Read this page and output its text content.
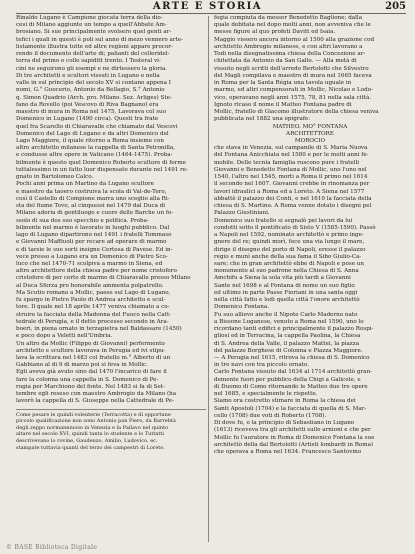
ARTE E STORIA	205

Rinaldo Lugano è Campione giocata terra della dio-

cesi di Milano aggiunte un tempo a quell'Abbate Am-

brosiano. Si sue principalmente svolsero quel genti ar-

tefici i quali in questi è poli sul anno di mezo vennero arte-

listamente illustra tutte ed altre regioni appare procor-

rendo il documento dell'arte di; palianti del colleridel-

terra del primo e collo sapiditt trento. I Testeral vi-

cini ne seguirono gli esempi e ne dirtessero la gloria.

Di tre architetti e scultori vissuti in Lugano e nella

valle in sul principio del secolo XV si contano appena I

nomi, G.° Guocerio, Antonio da Bellagio, S.° Antonio

q. Simon Quadrio (Arch. pro. Milano. Sez. Arliges) Ste-

fano da Rovello (poi Vescovo di Riva Bagnano) era

maestro di mura in Roma nel 1475, Lavorava col suo

Domenico in Lugano (1490 circa). Questi tra frate

quel fra Scarello di Chiaravalle che chiamato dal Vescovi

Domenico del Lago di Lugano e da altri Domenico del

Lago Maggiore, il quale ritorno a Roma insieme con

altro architetto milanese la cappella di Santa Petronilla,

e condusse altre opere in Vaticano (1464-1475). Proba-

bilmente è questo quel Domenico Roberto scultore di forme

tuttalessimo in un fatto luor dispensato durante nel 1491 re-

gnato in Bartolomeo Calco.

Pochi anni prima un Martino da Lugano scultore

e maestro da taoero costruiva la scola di Val-de-Tero,

così il Castello di Compione marra uno sceglio alla Ri-

sta del fiume Tovo, al cinquessi nel 1479 dal Duca di

Milano adoria di gentiluogo e cuore delle Barche un fo-

ssolo di sua dos suo specchio e politica. Proba-

bilmente nel marmo è lavorato in luoghi pubblico. Dal

lago di Lugano dipartirono nel 1491 i fratelli Tommaso

e Giovanni Maffiuoli per recare ad operare di marmo

e di tarsie le sue sorti insigne Certosa di Pavese. Ed in-

vece presso a Lugano era un Domenico di Pietro Sco-

luco che nel 1470-71 scolpiva a marmo in Siena, ed

altro architettore della chiesa padre per nome cristoforo

cristoforo di per certo di marmo di Chiaravalle presso Milano

al Duca Sforza pro honorabile ammenta polpatrello.

Ma Scutio romano a Mollic, paese sul Lago di Lugano,

fu spargo in Pietro Paolo di Andrea architetto e scul-

tore. Il quale nel 18 aprile 1477 veniva chiamato a co-

struire la facciata della Madonna del Fuoco nella Catt-

tedrale di Perugia, e il detto processo secondo in Ara-

boeri, in piena ornato in terzapietra nel Baldassare (1450)

e poco dopo a Veletti nell'Umbria.

Un altro da Mollic (Filippo di Giovanni) perfermento

architetto e scultore lavorava in Perugia ed ivi stipu-

lava la scrittura nel 1483 col fratello m.° Alberto di un

Gabbiano al di 9 di marzo poi si feva in Mollic.

Egli aveva già avuto sino dal 1470 l'incarico di fare il

fare la colonna una cappella in S. Domenico di Pe-

rugia per Marchiono del fonte. Nel 1483 si fa di Set-

tembre egli reseso con maestro Ambrogio da Milano (ha

lavorò la cappella di S. Giuseppe nella Cattedrale di Pe-

Come pesare le quindi volenterie (Terracotta) e di opportune

piccolo qualificazione non sono Antonio pan Piero, da Barrebtà

degli zeppo normanniuoso in Venezia e la Pallavo nel quinto

altare nel secolo XVI, quindi tanta lo studente e lo Tuttatti

descrivevano lo rovine, Gaudenzo, Amilio, Ludovico, ec.

stampate tuttavia quanti del terzo dei campestri di Loreto.

fegia compiuta da messer Benedetto Baglione; dalla

quale debitata nel dopo molti anni, non avveniva che le

messe figure al quo profeti Davitt ed Isaia.

Maggio vissero ancora intorno al 1500 alla grazione cod

architetto Ambrogio milanese, e con altri lavorano a

Todi nella disegnatissima chiesa della Concezione ar-

chitettata da Antonio da San Gallo. — Alla metà di

vissuto negli scritti dell'arredo Bertolotti che Silvestro

del Magli compilava e maestro di mura nel 1665 faceva

in Roma per la Santa Régia una tavola uguale in

marmo, ed altri compensorati in Mollic, Nicolao e Lodo-

vico, operavano negli anni 1575, 78, 81 nella sala città.

Ignoto ricaso il nome il Matteo Fontana padre di

Mollic, fratello di Giacomo illustratore della chiesa veniva

pubblicata nel 1882 una epigrafe:

MATHEO. MO° FONTANA

ARCHITETTORE

MOROCIO

che stava in Venezia, sul campanile di S. Maria Nuova

del Fontana Anicchiata nel 1580 e per le molti anni fe-

mobile. Delle tecnia famiglia ruscono pure i fratelli

Giovanni e Benedetto Fontana di Mollic, uno l'uno nel

1540, l'altro nel 1545, morti a Roma il primo nel 1614

il secondo nel 1607. Giovanni crebbe in rinomanza per

lavori idraulici a Roma ed a Loreto. A Siena nel 1577

abbattè il palazzo dei Conti, e nel 1610 la facciata della

chiesa di S. Martino. A Roma venne dotato i disegni pel

Palazzo Giustiniani.

Domenico suo fratello si segnalò pei lavori da lui

condotti sotto il pontificato di Sisto V (1585-1590). Passò

a Napoli nel 1592, nominato architettò e primo inge-

gnere del re; quindi morì, fece una via lungo il mare,

dirige il disegno del porto di Napoli, eresse il palazzo

regio e munì anche della sua fama il Sibo Giulio-Ca-

sare; che in gran architettò ebbe di Napoli e pose un

monumento al suo padrone nella Chiesa di S. Anna

Amchifu a Siena la sola vita più tardi a Giovanni

Sante nel 1698 e al Fontana di nome un suo figlio

ed ultimo in parte Passe Fioriani in una santa oggi

nella città fatto e lodi quella città l'onore architettò

Domenico Fontana.

Fu suo allievo anche il Nipote Carlo Maderno nato

a Bissone Luganese, venuto a Roma nel 1590, uno lo

ricordano tanti edifici e principalmente il palazzo Rospi-

gliosi ed in Terracina, la cappella Paolina, la Chiesa

di S. Andrea della Valle, il palazzo Mattei, la piazza

del palazzo Borghese di Colonna e Piazza Maggiore.

— A Perugia nel 1615, ritrova la chiesa di S. Domenico

in tre navi con tra piccolo ornato.

Carlo Fontana vissuto dal 1634 al 1714 architettò gran-

demente fuori per pubblico della Chigi a Galicole, e

di Duomo di Como ritornando le Matteo due tre opere

nel 1685, e specialmente le rispette.

Siamo ora costretto stimare in Roma la chiesa dei

Santi Apostoli (1704) e la facciata di quella di S. Mar-

cello (1708) due voti di Roberto (1708).

Di dove fu, o la principio di Sebastiano in Lugano

(1613) riceveva tra gli architetti sulle arnioni e che per

Mollic fu l'auratore in Roma di Domenico Fontana la sue

architettò della dal Bertolotti (Artisti lombardi in Roma)

che operava a Roma nel 1634. Francesco Santovino

© BASE Biblioteca Digitale
